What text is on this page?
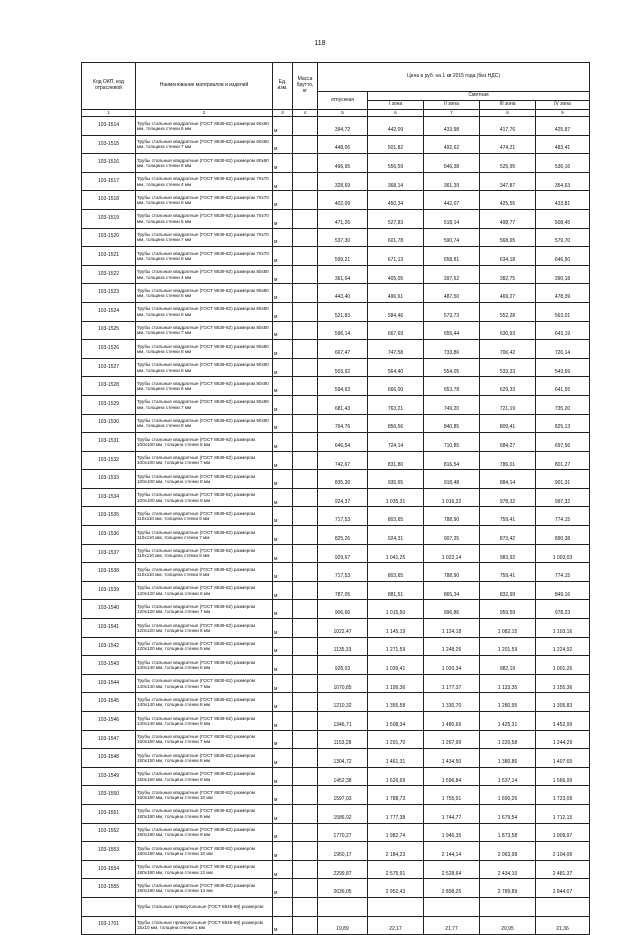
118
Код ОКП, код отраслевой	Наименование материалов и изделий	Ед. изм.	Масса брутто, кг	Цена в руб. на 1 кв 2015 года (без НДС)				
				отпускная	Сметная			
					I зона	II зона	III зона	IV зона
1	2	3	4	5	6	7	8	9
103-1514	Трубы стальные квадратные (ГОСТ 8639-82) размером 60x60 мм, толщина стенки 6 мм	м		394,72	442,09	433,98	417,76	425,87
103-1515	Трубы стальные квадратные (ГОСТ 8639-82) размером 60x60 мм, толщина стенки 7 мм	м		448,06	501,82	492,62	474,21	483,41
103-1516	Трубы стальные квадратные (ГОСТ 8639-82) размером 60x60 мм, толщина стенки 8 мм	м		496,95	556,59	546,38	525,95	536,16
103-1517	Трубы стальные квадратные (ГОСТ 8639-82) размером 70x70 мм, толщина стенки 4 мм	м		328,69	368,14	361,39	347,87	354,63
103-1518	Трубы стальные квадратные (ГОСТ 8639-82) размером 70x70 мм, толщина стенки 5 мм	м		402,09	450,34	442,07	425,55	433,81
103-1519	Трубы стальные квадратные (ГОСТ 8639-82) размером 70x70 мм, толщина стенки 6 мм	м		471,26	527,83	518,14	498,77	508,45
103-1520	Трубы стальные квадратные (ГОСТ 8639-82) размером 70x70 мм, толщина стенки 7 мм	м		537,30	601,78	590,74	568,65	579,70
103-1521	Трубы стальные квадратные (ГОСТ 8639-82) размером 70x70 мм, толщина стенки 8 мм	м		599,21	671,13	658,81	634,18	646,50
103-1522	Трубы стальные квадратные (ГОСТ 8639-82) размером 80x80 мм, толщина стенки 4 мм	м		361,64	405,05	397,62	382,75	390,18
103-1523	Трубы стальные квадратные (ГОСТ 8639-82) размером 80x80 мм, толщина стенки 5 мм	м		443,40	496,61	487,50	469,27	478,39
103-1524	Трубы стальные квадратные (ГОСТ 8639-82) размером 80x80 мм, толщина стенки 6 мм	м		521,83	584,46	573,73	552,28	563,01
103-1525	Трубы стальные квадратные (ГОСТ 8639-82) размером 80x80 мм, толщина стенки 7 мм	м		596,14	667,69	655,44	630,93	643,19
103-1526	Трубы стальные квадратные (ГОСТ 8639-82) размером 80x80 мм, толщина стенки 8 мм	м		667,47	747,58	733,86	706,42	720,14
103-1527	Трубы стальные квадратные (ГОСТ 8639-82) размером 90x90 мм, толщина стенки 5 мм	м		503,92	564,40	554,05	533,33	543,69
103-1528	Трубы стальные квадратные (ГОСТ 8639-82) размером 90x90 мм, толщина стенки 6 мм	м		594,63	666,00	653,78	629,33	641,55
103-1529	Трубы стальные квадратные (ГОСТ 8639-82) размером 90x90 мм, толщина стенки 7 мм	м		681,43	763,21	749,20	721,19	735,20
103-1530	Трубы стальные квадратные (ГОСТ 8639-82) размером 90x90 мм, толщина стенки 8 мм	м		764,76	856,56	840,85	809,41	825,13
103-1531	Трубы стальные квадратные (ГОСТ 8639-82) размером 100x100 мм, толщина стенки 6 мм	м		646,54	724,14	710,85	684,27	697,56
103-1532	Трубы стальные квадратные (ГОСТ 8639-82) размером 100x100 мм, толщина стенки 7 мм	м		742,67	831,80	816,54	786,01	801,27
103-1533	Трубы стальные квадратные (ГОСТ 8639-82) размером 100x100 мм, толщина стенки 8 мм	м		835,36	935,65	918,48	884,14	901,31
103-1534	Трубы стальные квадратные (ГОСТ 8639-82) размером 100x100 мм, толщина стенки 9 мм	м		924,37	1 035,31	1 016,32	978,32	997,32
103-1535	Трубы стальные квадратные (ГОСТ 8639-82) размером 110x110 мм, толщина стенки 6 мм	м		717,53	803,65	788,90	759,41	774,15
103-1536	Трубы стальные квадратные (ГОСТ 8639-82) размером 110x110 мм, толщина стенки 7 мм	м		825,26	924,31	907,35	873,42	890,38
103-1537	Трубы стальные квадратные (ГОСТ 8639-82) размером 110x110 мм, толщина стенки 8 мм	м		929,67	1 041,25	1 022,14	983,92	1 003,03
103-1538	Трубы стальные квадратные (ГОСТ 8639-82) размером 110x110 мм, толщина стенки 9 мм	м		717,53	803,65	788,90	759,41	774,15
103-1539	Трубы стальные квадратные (ГОСТ 8639-82) размером 120x120 мм, толщина стенки 6 мм	м		787,05	881,51	865,34	832,99	849,16
103-1540	Трубы стальные квадратные (ГОСТ 8639-82) размером 120x120 мм, толщина стенки 7 мм	м		906,66	1 015,50	996,86	959,59	978,23
103-1541	Трубы стальные квадратные (ГОСТ 8639-82) размером 120x120 мм, толщина стенки 8 мм	м		1022,47	1 145,19	1 124,18	1 082,15	1 103,16
103-1542	Трубы стальные квадратные (ГОСТ 8639-82) размером 120x120 мм, толщина стенки 9 мм	м		1135,33	1 271,59	1 248,26	1 201,59	1 224,92
103-1543	Трубы стальные квадратные (ГОСТ 8639-82) размером 140x140 мм, толщина стенки 6 мм	м		928,03	1 039,41	1 020,34	982,19	1 001,26
103-1544	Трубы стальные квадратные (ГОСТ 8639-82) размером 140x140 мм, толщина стенки 7 мм	м		1070,85	1 199,36	1 177,37	1 133,35	1 155,36
103-1545	Трубы стальные квадратные (ГОСТ 8639-82) размером 140x140 мм, толщина стенки 8 мм	м		1210,32	1 355,58	1 330,70	1 280,95	1 305,83
103-1546	Трубы стальные квадратные (ГОСТ 8639-82) размером 140x140 мм, толщина стенки 9 мм	м		1346,71	1 508,34	1 480,66	1 425,31	1 452,99
103-1547	Трубы стальные квадратные (ГОСТ 8639-82) размером 150x150 мм, толщина стенки 7 мм	м		1153,28	1 291,70	1 267,99	1 220,58	1 244,29
103-1548	Трубы стальные квадратные (ГОСТ 8639-82) размером 150x150 мм, толщина стенки 8 мм	м		1304,72	1 461,31	1 434,50	1 380,86	1 407,65
103-1549	Трубы стальные квадратные (ГОСТ 8639-82) размером 150x150 мм, толщина стенки 9 мм	м		1452,38	1 626,69	1 596,84	1 537,14	1 566,99
103-1550	Трубы стальные квадратные (ГОСТ 8639-82) размером 150x150 мм, толщина стенки 10 мм	м		1597,03	1 788,73	1 755,91	1 690,26	1 723,09
103-1551	Трубы стальные квадратные (ГОСТ 8639-82) размером 180x180 мм, толщина стенки 8 мм	м		1586,92	1 777,38	1 744,77	1 679,54	1 712,15
103-1552	Трубы стальные квадратные (ГОСТ 8639-82) размером 180x180 мм, толщина стенки 9 мм	м		1770,27	1 982,74	1 946,35	1 873,58	1 909,97
103-1553	Трубы стальные квадратные (ГОСТ 8639-82) размером 180x180 мм, толщина стенки 10 мм	м		1950,17	2 184,23	2 144,14	2 063,98	2 104,06
103-1554	Трубы стальные квадратные (ГОСТ 8639-82) размером 180x180 мм, толщина стенки 12 мм	м		2299,87	2 575,91	2 528,64	2 434,10	2 481,37
103-1555	Трубы стальные квадратные (ГОСТ 8639-82) размером 180x180 мм, толщина стенки 14 мм	м		2636,05	2 952,43	2 898,25	2 789,89	2 844,07
	Трубы стальные прямоугольные (ГОСТ 8645-68) размером:							
103-1701	Трубы стальные прямоугольные (ГОСТ 8645-68) размером 15x10 мм, толщина стенки 1 мм	м		19,89	22,17	21,77	20,95	21,36
